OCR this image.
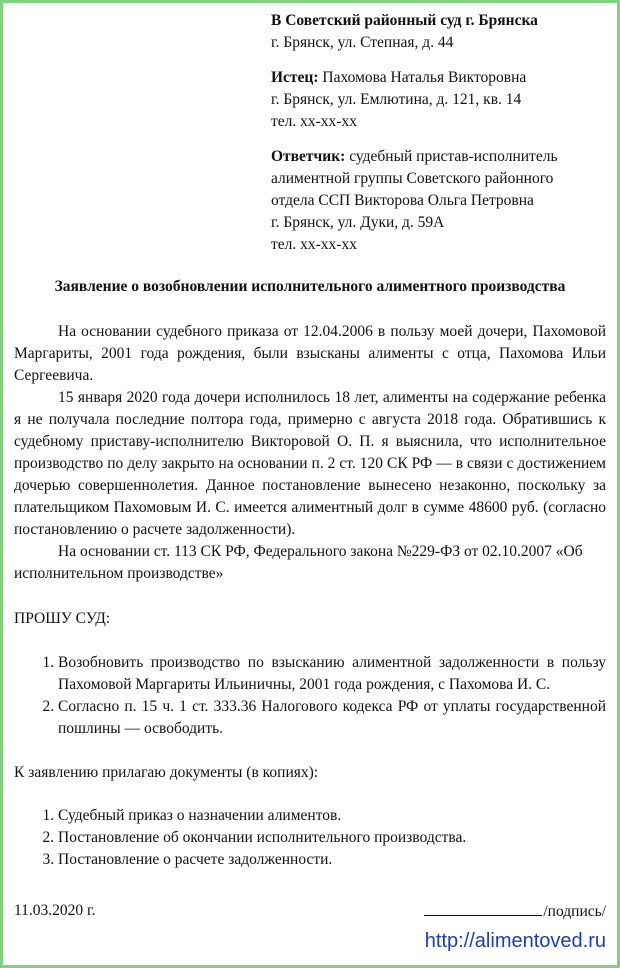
В Советский районный суд г. Брянска
г. Брянск, ул. Степная, д. 44
Истец: Пахомова Наталья Викторовна
г. Брянск, ул. Емлютина, д. 121, кв. 14
тел. хх-хх-хх
Ответчик: судебный пристав-исполнитель
алиментной группы Советского районного
отдела ССП Викторова Ольга Петровна
г. Брянск, ул. Дуки, д. 59А
тел. хх-хх-хх
Заявление о возобновлении исполнительного алиментного производства

На основании судебного приказа от 12.04.2006 в пользу моей дочери, Пахомовой Маргариты, 2001 года рождения, были взысканы алименты с отца, Пахомова Ильи Сергеевича.

15 января 2020 года дочери исполнилось 18 лет, алименты на содержание ребенка я не получала последние полтора года, примерно с августа 2018 года. Обратившись к судебному приставу-исполнителю Викторовой О. П. я выяснила, что исполнительное производство по делу закрыто на основании п. 2 ст. 120 СК РФ — в связи с достижением дочерью совершеннолетия. Данное постановление вынесено незаконно, поскольку за плательщиком Пахомовым И. С. имеется алиментный долг в сумме 48600 руб. (согласно постановлению о расчете задолженности).

На основании ст. 113 СК РФ, Федерального закона №229-ФЗ от 02.10.2007 «Об исполнительном производстве»

ПРОШУ СУД:
1. Возобновить производство по взысканию алиментной задолженности в пользу Пахомовой Маргариты Ильиничны, 2001 года рождения, с Пахомова И. С.
2. Согласно п. 15 ч. 1 ст. 333.36 Налогового кодекса РФ от уплаты государственной пошлины — освободить.
К заявлению прилагаю документы (в копиях):
1. Судебный приказ о назначении алиментов.
2. Постановление об окончании исполнительного производства.
3. Постановление о расчете задолженности.
11.03.2020 г.	/подпись/
http://alimentoved.ru
